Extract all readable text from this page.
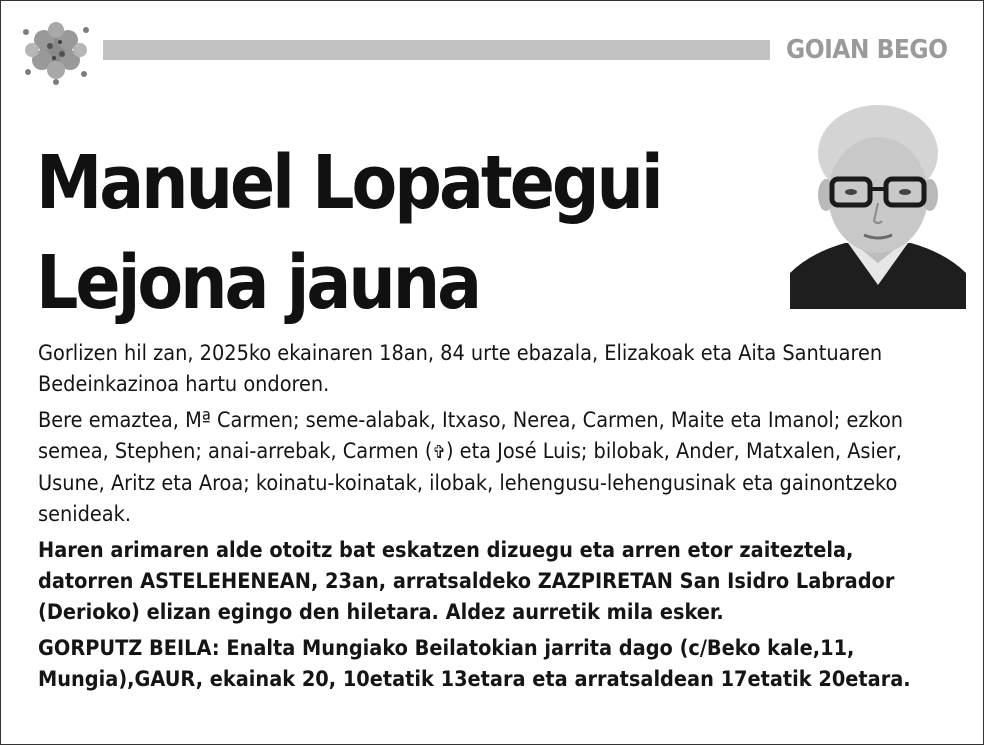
GOIAN BEGO
Manuel Lopategui
Lejona jauna

Gorlizen hil zan, 2025ko ekainaren 18an, 84 urte ebazala, Elizakoak eta Aita Santuaren Bedeinkazinoa hartu ondoren.

Bere emaztea, Mª Carmen; seme-alabak, Itxaso, Nerea, Carmen, Maite eta Imanol; ezkon semea, Stephen; anai-arrebak, Carmen (✞) eta José Luis; bilobak, Ander, Matxalen, Asier, Usune, Aritz eta Aroa; koinatu-koinatak, ilobak, lehengusu-lehengusinak eta gainontzeko senideak.

Haren arimaren alde otoitz bat eskatzen dizuegu eta arren etor zaiteztela, datorren ASTELEHENEAN, 23an, arratsaldeko ZAZPIRETAN San Isidro Labrador (Derioko) elizan egingo den hiletara. Aldez aurretik mila esker.

GORPUTZ BEILA: Enalta Mungiako Beilatokian jarrita dago (c/Beko kale,11, Mungia),GAUR, ekainak 20, 10etatik 13etara eta arratsaldean 17etatik 20etara.
